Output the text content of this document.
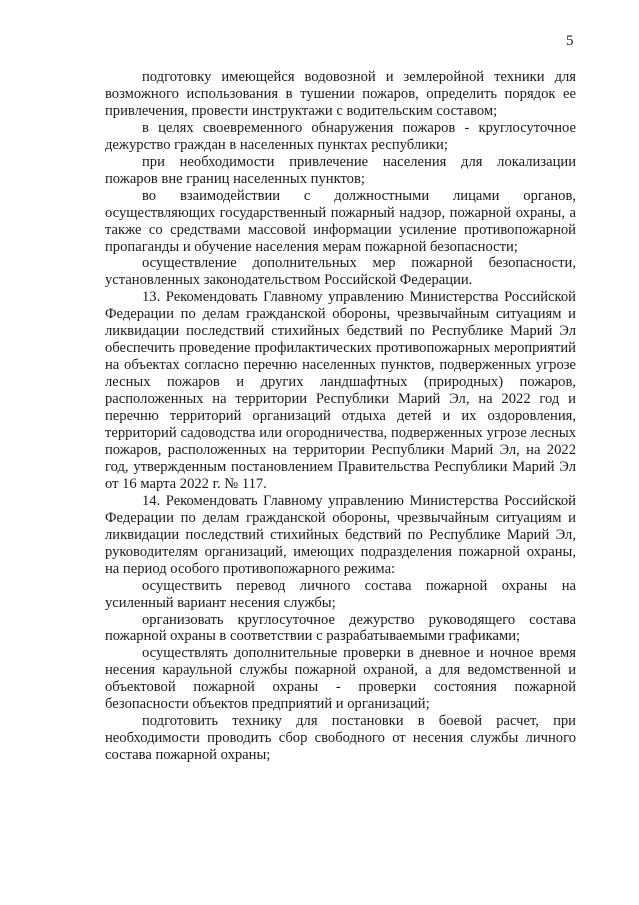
5

подготовку имеющейся водовозной и землеройной техники для возможного использования в тушении пожаров, определить порядок ее привлечения, провести инструктажи с водительским составом;

в целях своевременного обнаружения пожаров - круглосуточное дежурство граждан в населенных пунктах республики;

при необходимости привлечение населения для локализации пожаров вне границ населенных пунктов;

во взаимодействии с должностными лицами органов, осуществляющих государственный пожарный надзор, пожарной охраны, а также со средствами массовой информации усиление противопожарной пропаганды и обучение населения мерам пожарной безопасности;

осуществление дополнительных мер пожарной безопасности, установленных законодательством Российской Федерации.

13. Рекомендовать Главному управлению Министерства Российской Федерации по делам гражданской обороны, чрезвычайным ситуациям и ликвидации последствий стихийных бедствий по Республике Марий Эл обеспечить проведение профилактических противопожарных мероприятий на объектах согласно перечню населенных пунктов, подверженных угрозе лесных пожаров и других ландшафтных (природных) пожаров, расположенных на территории Республики Марий Эл, на 2022 год и перечню территорий организаций отдыха детей и их оздоровления, территорий садоводства или огородничества, подверженных угрозе лесных пожаров, расположенных на территории Республики Марий Эл, на 2022 год, утвержденным постановлением Правительства Республики Марий Эл от 16 марта 2022 г. № 117.

14. Рекомендовать Главному управлению Министерства Российской Федерации по делам гражданской обороны, чрезвычайным ситуациям и ликвидации последствий стихийных бедствий по Республике Марий Эл, руководителям организаций, имеющих подразделения пожарной охраны, на период особого противопожарного режима:

осуществить перевод личного состава пожарной охраны на усиленный вариант несения службы;

организовать круглосуточное дежурство руководящего состава пожарной охраны в соответствии с разрабатываемыми графиками;

осуществлять дополнительные проверки в дневное и ночное время несения караульной службы пожарной охраной, а для ведомственной и объектовой пожарной охраны - проверки состояния пожарной безопасности объектов предприятий и организаций;

подготовить технику для постановки в боевой расчет, при необходимости проводить сбор свободного от несения службы личного состава пожарной охраны;
